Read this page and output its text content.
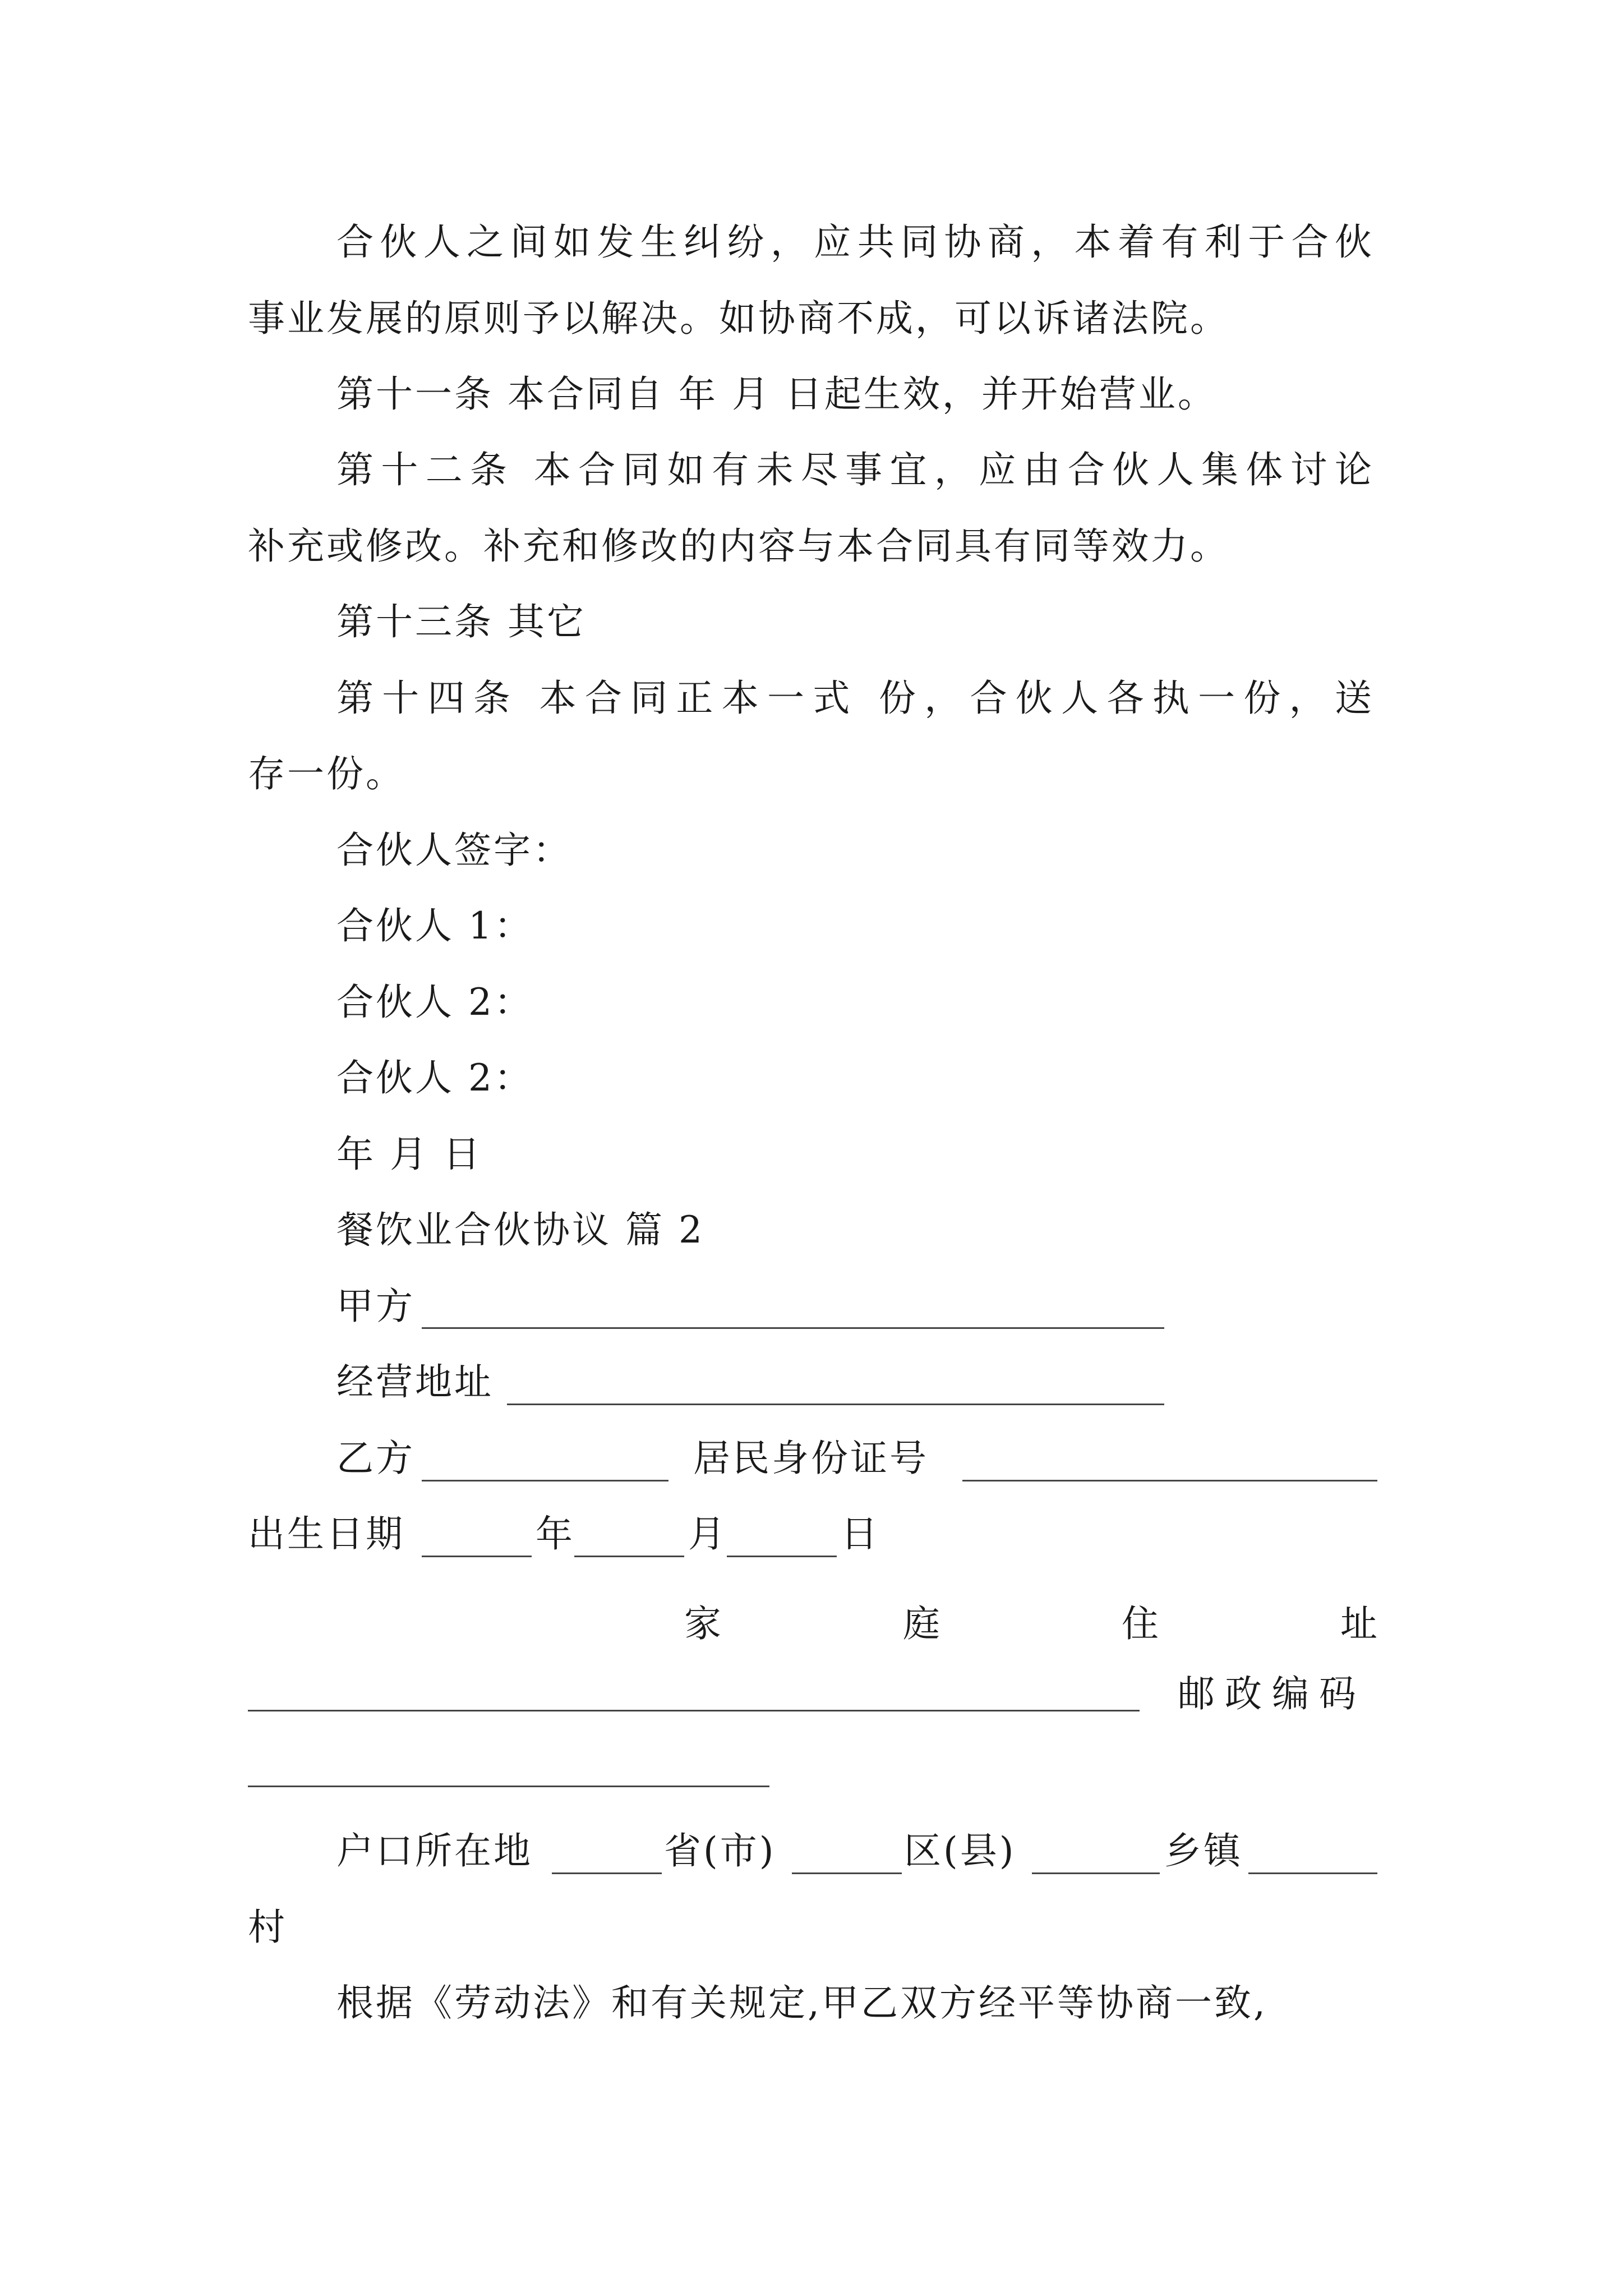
合伙人之间如发生纠纷，应共同协商，本着有利于合伙
事业发展的原则予以解决。如协商不成，可以诉诸法院。
第十一条 本合同自 年 月 日起生效，并开始营业。
第十二条 本合同如有未尽事宜，应由合伙人集体讨论
补充或修改。补充和修改的内容与本合同具有同等效力。
第十三条 其它
第十四条 本合同正本一式 份，合伙人各执一份，送
存一份。
合伙人签字：
合伙人 1：
合伙人 2：
合伙人 2：
年 月 日
餐饮业合伙协议 篇 2
甲方
经营地址
乙方	居民身份证号
出生日期	年	月	日
家	庭	住	址
邮政编码
户口所在地	省(市)	区(县)	乡镇
村
根据《劳动法》和有关规定,甲乙双方经平等协商一致,
